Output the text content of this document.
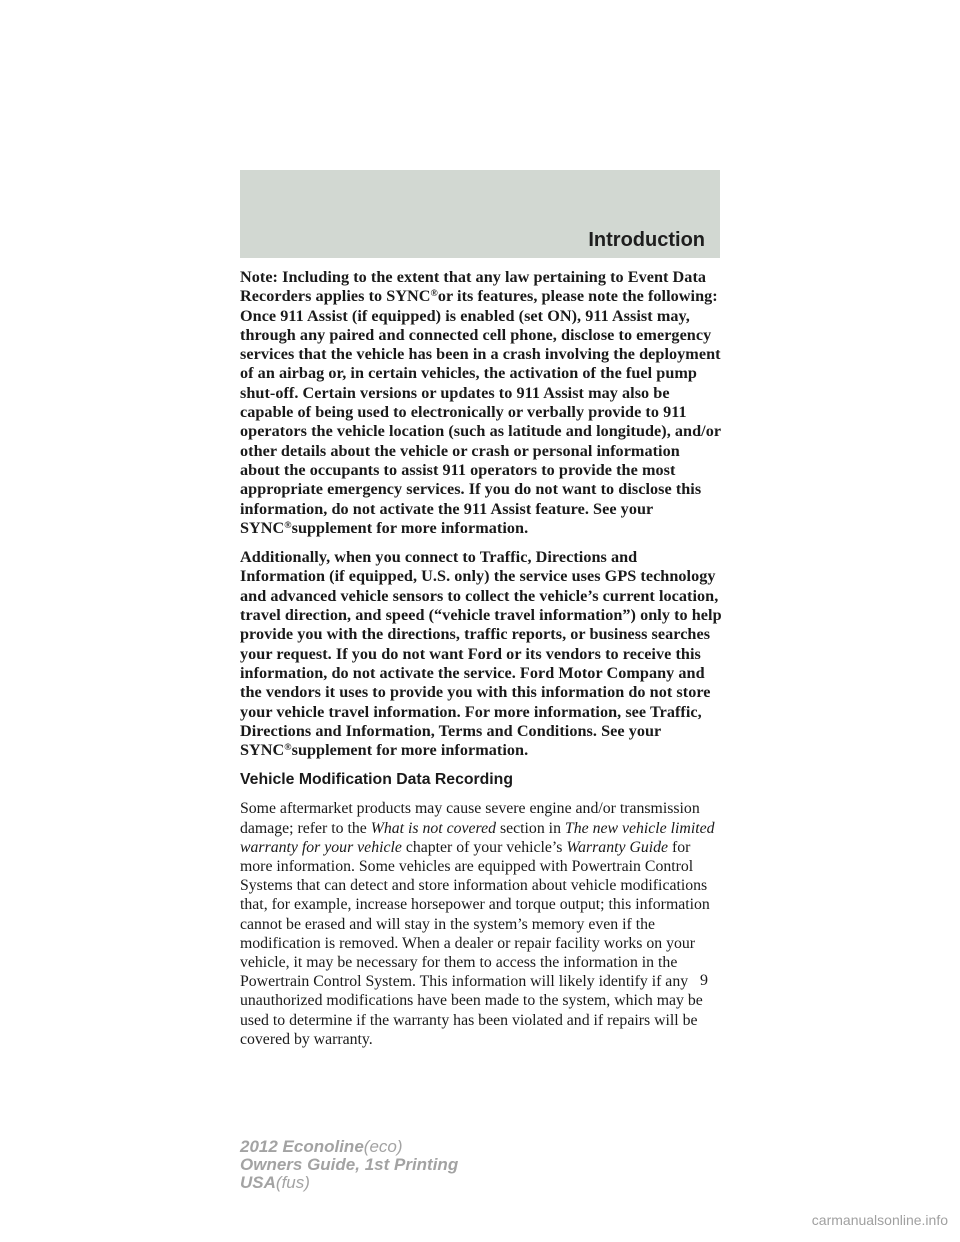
Introduction

Note: Including to the extent that any law pertaining to Event Data Recorders applies to SYNC®or its features, please note the following: Once 911 Assist (if equipped) is enabled (set ON), 911 Assist may, through any paired and connected cell phone, disclose to emergency services that the vehicle has been in a crash involving the deployment of an airbag or, in certain vehicles, the activation of the fuel pump shut-off. Certain versions or updates to 911 Assist may also be capable of being used to electronically or verbally provide to 911 operators the vehicle location (such as latitude and longitude), and/or other details about the vehicle or crash or personal information about the occupants to assist 911 operators to provide the most appropriate emergency services. If you do not want to disclose this information, do not activate the 911 Assist feature. See your SYNC®supplement for more information.

Additionally, when you connect to Traffic, Directions and Information (if equipped, U.S. only) the service uses GPS technology and advanced vehicle sensors to collect the vehicle’s current location, travel direction, and speed (“vehicle travel information”) only to help provide you with the directions, traffic reports, or business searches your request. If you do not want Ford or its vendors to receive this information, do not activate the service. Ford Motor Company and the vendors it uses to provide you with this information do not store your vehicle travel information. For more information, see Traffic, Directions and Information, Terms and Conditions. See your SYNC®supplement for more information.

Vehicle Modification Data Recording

Some aftermarket products may cause severe engine and/or transmission damage; refer to the What is not covered section in The new vehicle limited warranty for your vehicle chapter of your vehicle’s Warranty Guide for more information. Some vehicles are equipped with Powertrain Control Systems that can detect and store information about vehicle modifications that, for example, increase horsepower and torque output; this information cannot be erased and will stay in the system’s memory even if the modification is removed. When a dealer or repair facility works on your vehicle, it may be necessary for them to access the information in the Powertrain Control System. This information will likely identify if any unauthorized modifications have been made to the system, which may be used to determine if the warranty has been violated and if repairs will be covered by warranty.

9
2012 Econoline(eco)
Owners Guide, 1st Printing
USA(fus)
carmanualsonline.info
